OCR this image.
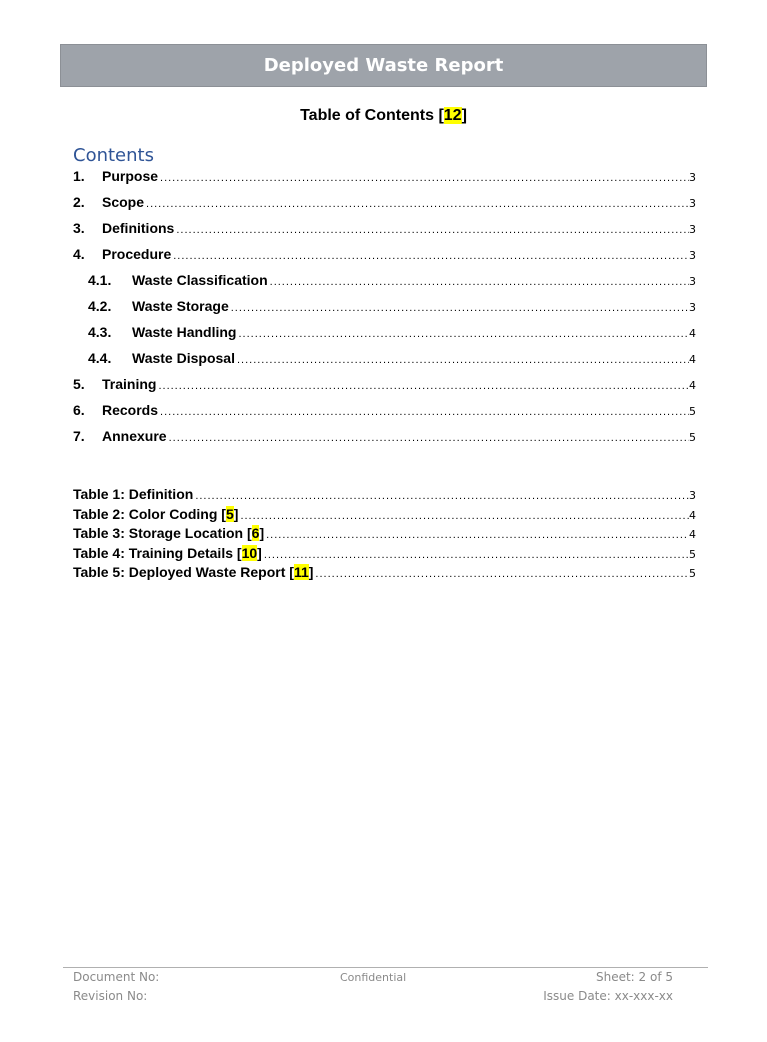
Deployed Waste Report
Table of Contents [12]
Contents
1.	Purpose .....	3
2.	Scope .....	3
3.	Definitions .....	3
4.	Procedure .....	3
4.1.	Waste Classification .....	3
4.2.	Waste Storage .....	3
4.3.	Waste Handling .....	4
4.4.	Waste Disposal .....	4
5.	Training .....	4
6.	Records .....	5
7.	Annexure .....	5
Table 1: Definition .....	3
Table 2: Color Coding [5] .....	4
Table 3: Storage Location [6] .....	4
Table 4: Training Details [10] .....	5
Table 5: Deployed Waste Report [11] .....	5
Document No:
Revision No:
Confidential	Sheet: 2 of 5
Issue Date: xx-xxx-xx
